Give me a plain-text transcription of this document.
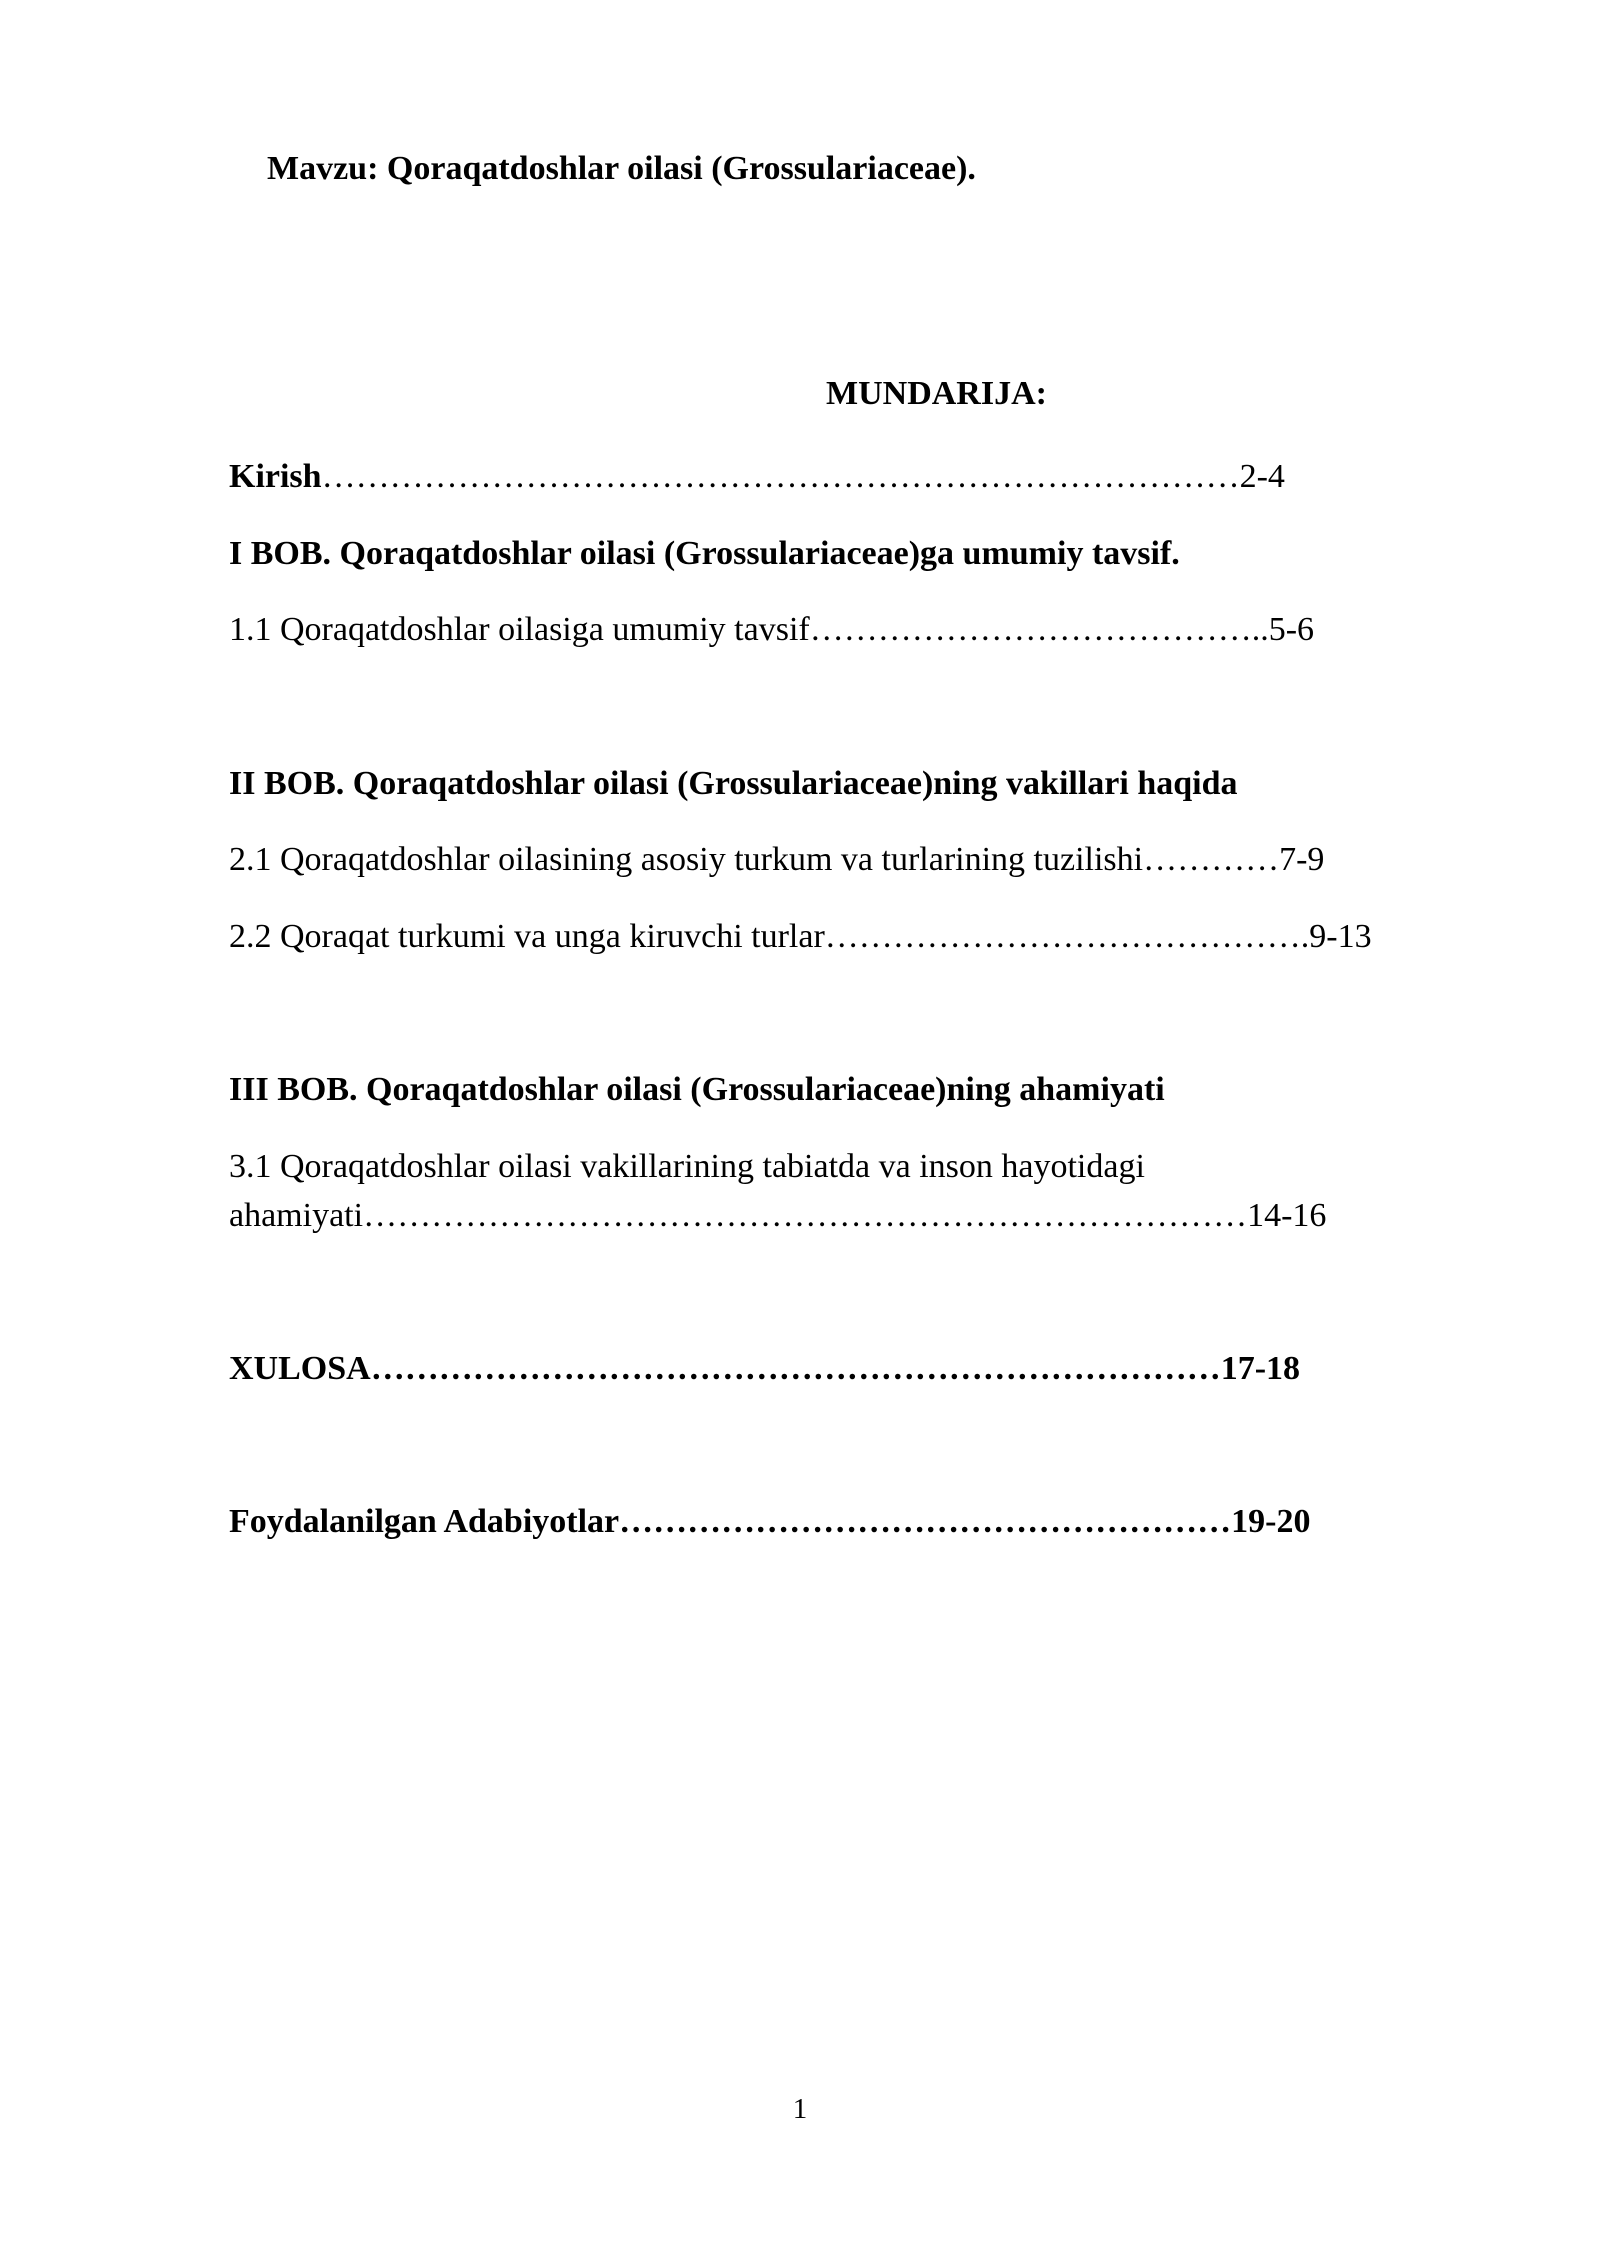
Mavzu: Qoraqatdoshlar oilasi (Grossulariaceae).
MUNDARIJA:
Kirish………………………………………………………………………2-4
I BOB. Qoraqatdoshlar oilasi (Grossulariaceae)ga umumiy tavsif.
1.1 Qoraqatdoshlar oilasiga umumiy tavsif…………………………………..5-6
II BOB. Qoraqatdoshlar oilasi (Grossulariaceae)ning vakillari haqida
2.1 Qoraqatdoshlar oilasining asosiy turkum va turlarining tuzilishi…………7-9
2.2 Qoraqat turkumi va unga kiruvchi turlar…………………………………….9-13
III BOB. Qoraqatdoshlar oilasi (Grossulariaceae)ning ahamiyati
3.1 Qoraqatdoshlar oilasi vakillarining tabiatda va inson hayotidagi
ahamiyati……………………………………………………………………14-16
XULOSA…………………………………………………………………17-18
Foydalanilgan Adabiyotlar………………………………………………19-20
1
